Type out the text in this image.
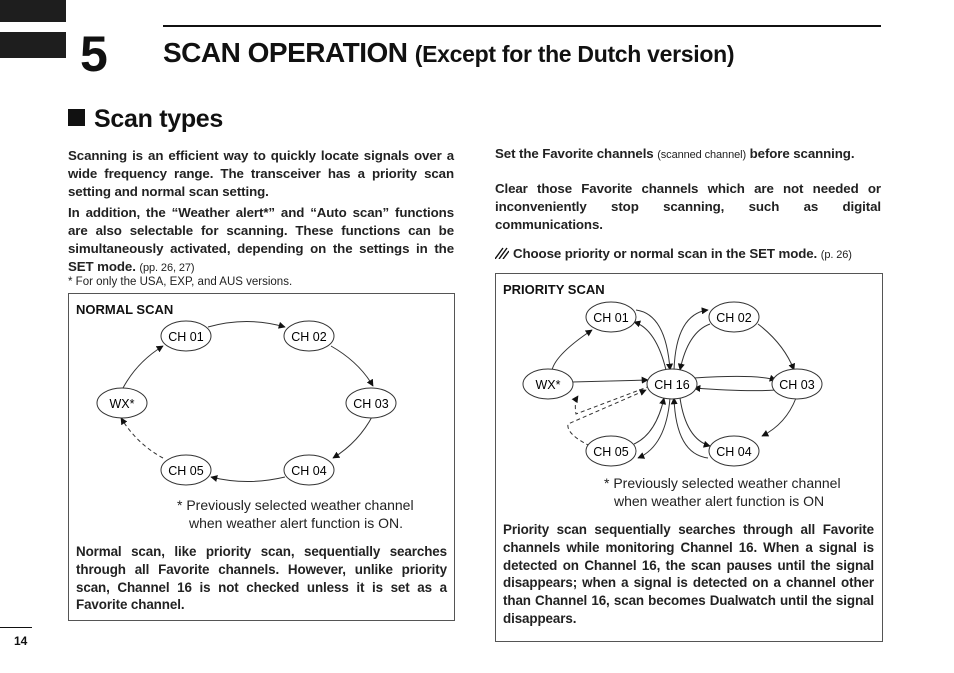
5 SCAN OPERATION (Except for the Dutch version)
Scan types
Scanning is an efficient way to quickly locate signals over a wide frequency range. The transceiver has a priority scan setting and normal scan setting.
In addition, the “Weather alert*” and “Auto scan” functions are also selectable for scanning. These functions can be simultaneously activated, depending on the settings in the SET mode. (pp. 26, 27)
* For only the USA, EXP, and AUS versions.
Set the Favorite channels (scanned channel) before scanning.
Clear those Favorite channels which are not needed or inconveniently stop scanning, such as digital communications.
Choose priority or normal scan in the SET mode. (p. 26)
NORMAL SCAN
CH 01	CH 02
CH 03
CH 04
CH 05
WX*
* Previously selected weather channel
when weather alert function is ON.
Normal scan, like priority scan, sequentially searches through all Favorite channels. However, unlike priority scan, Channel 16 is not checked unless it is set as a Favorite channel.
PRIORITY SCAN
CH 01	CH 02
CH 03
CH 04
CH 05
CH 16
WX*
* Previously selected weather channel
when weather alert function is ON
Priority scan sequentially searches through all Favorite channels while monitoring Channel 16. When a signal is detected on Channel 16, the scan pauses until the signal disappears; when a signal is detected on a channel other than Channel 16, scan becomes Dualwatch until the signal disappears.
14
